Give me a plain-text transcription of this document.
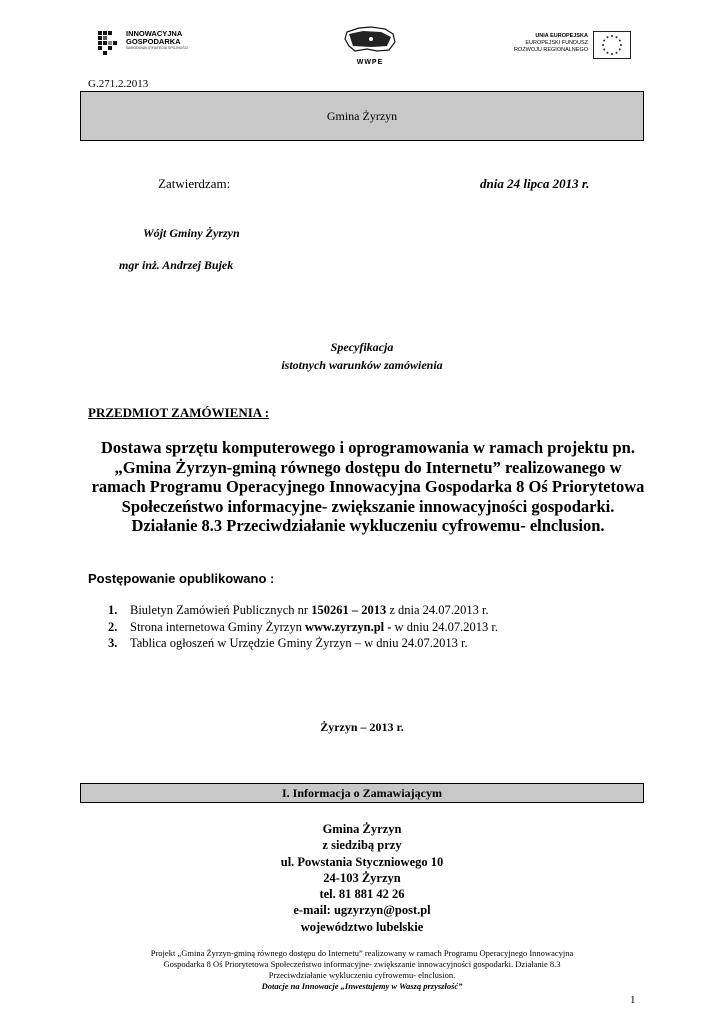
INNOWACYJNA
GOSPODARKA
NARODOWA STRATEGIA SPÓJNOŚCI
WWPE
UNIA EUROPEJSKA
EUROPEJSKI FUNDUSZ
ROZWOJU REGIONALNEGO
G.271.2.2013
Gmina Żyrzyn
Zatwierdzam:	dnia 24 lipca 2013 r.
Wójt Gminy Żyrzyn
mgr inż. Andrzej Bujek
Specyfikacja
istotnych warunków zamówienia
PRZEDMIOT ZAMÓWIENIA :
Dostawa sprzętu komputerowego i oprogramowania w ramach projektu pn. „Gmina Żyrzyn-gminą równego dostępu do Internetu” realizowanego w ramach Programu Operacyjnego Innowacyjna Gospodarka 8 Oś Priorytetowa Społeczeństwo informacyjne- zwiększanie innowacyjności gospodarki. Działanie 8.3 Przeciwdziałanie wykluczeniu cyfrowemu- elnclusion.
Postępowanie opublikowano :
1. Biuletyn Zamówień Publicznych nr 150261 – 2013 z dnia 24.07.2013 r.
2. Strona internetowa Gminy Żyrzyn www.zyrzyn.pl - w dniu 24.07.2013 r.
3. Tablica ogłoszeń w Urzędzie Gminy Żyrzyn – w dniu 24.07.2013 r.
Żyrzyn – 2013 r.
I. Informacja o Zamawiającym
Gmina Żyrzyn
z siedzibą przy
ul. Powstania Styczniowego 10
24-103 Żyrzyn
tel. 81 881 42 26
e-mail: ugzyrzyn@post.pl
województwo lubelskie
Projekt „Gmina Żyrzyn-gminą równego dostępu do Internetu” realizowany w ramach Programu Operacyjnego Innowacyjna
Gospodarka 8 Oś Priorytetowa Społeczeństwo informacyjne- zwiększanie innowacyjności gospodarki. Działanie 8.3
Przeciwdziałanie wykluczeniu cyfrowemu- elnclusion.
Dotacje na Innowacje „Inwestujemy w Waszą przyszłość”
1
